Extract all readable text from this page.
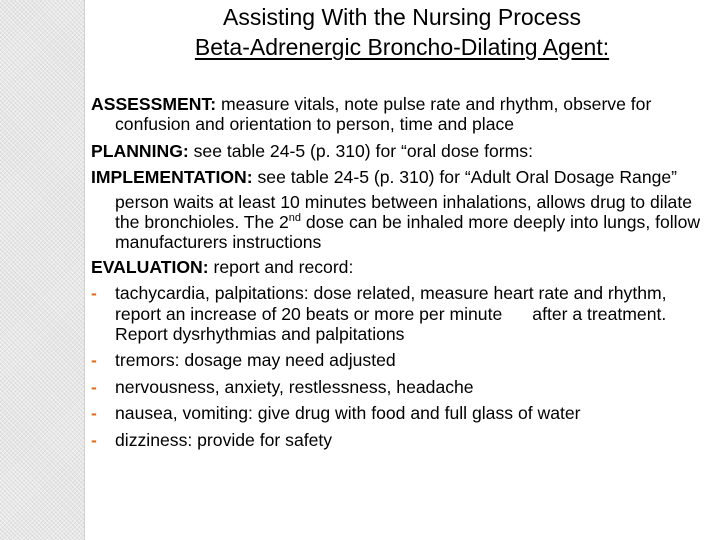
Assisting With the Nursing Process
Beta-Adrenergic Broncho-Dilating Agent:

ASSESSMENT: measure vitals, note pulse rate and rhythm, observe for confusion and orientation to person, time and place

PLANNING: see table 24-5 (p. 310) for “oral dose forms:

IMPLEMENTATION: see table 24-5 (p. 310) for “Adult Oral Dosage Range”

person waits at least 10 minutes between inhalations, allows drug to dilate the bronchioles. The 2nd dose can be inhaled more deeply into lungs, follow manufacturers instructions

EVALUATION: report and record:

- tachycardia, palpitations: dose related, measure heart rate and rhythm, report an increase of 20 beats or more per minute after a treatment. Report dysrhythmias and palpitations
- tremors: dosage may need adjusted
- nervousness, anxiety, restlessness, headache
- nausea, vomiting: give drug with food and full glass of water
- dizziness: provide for safety
